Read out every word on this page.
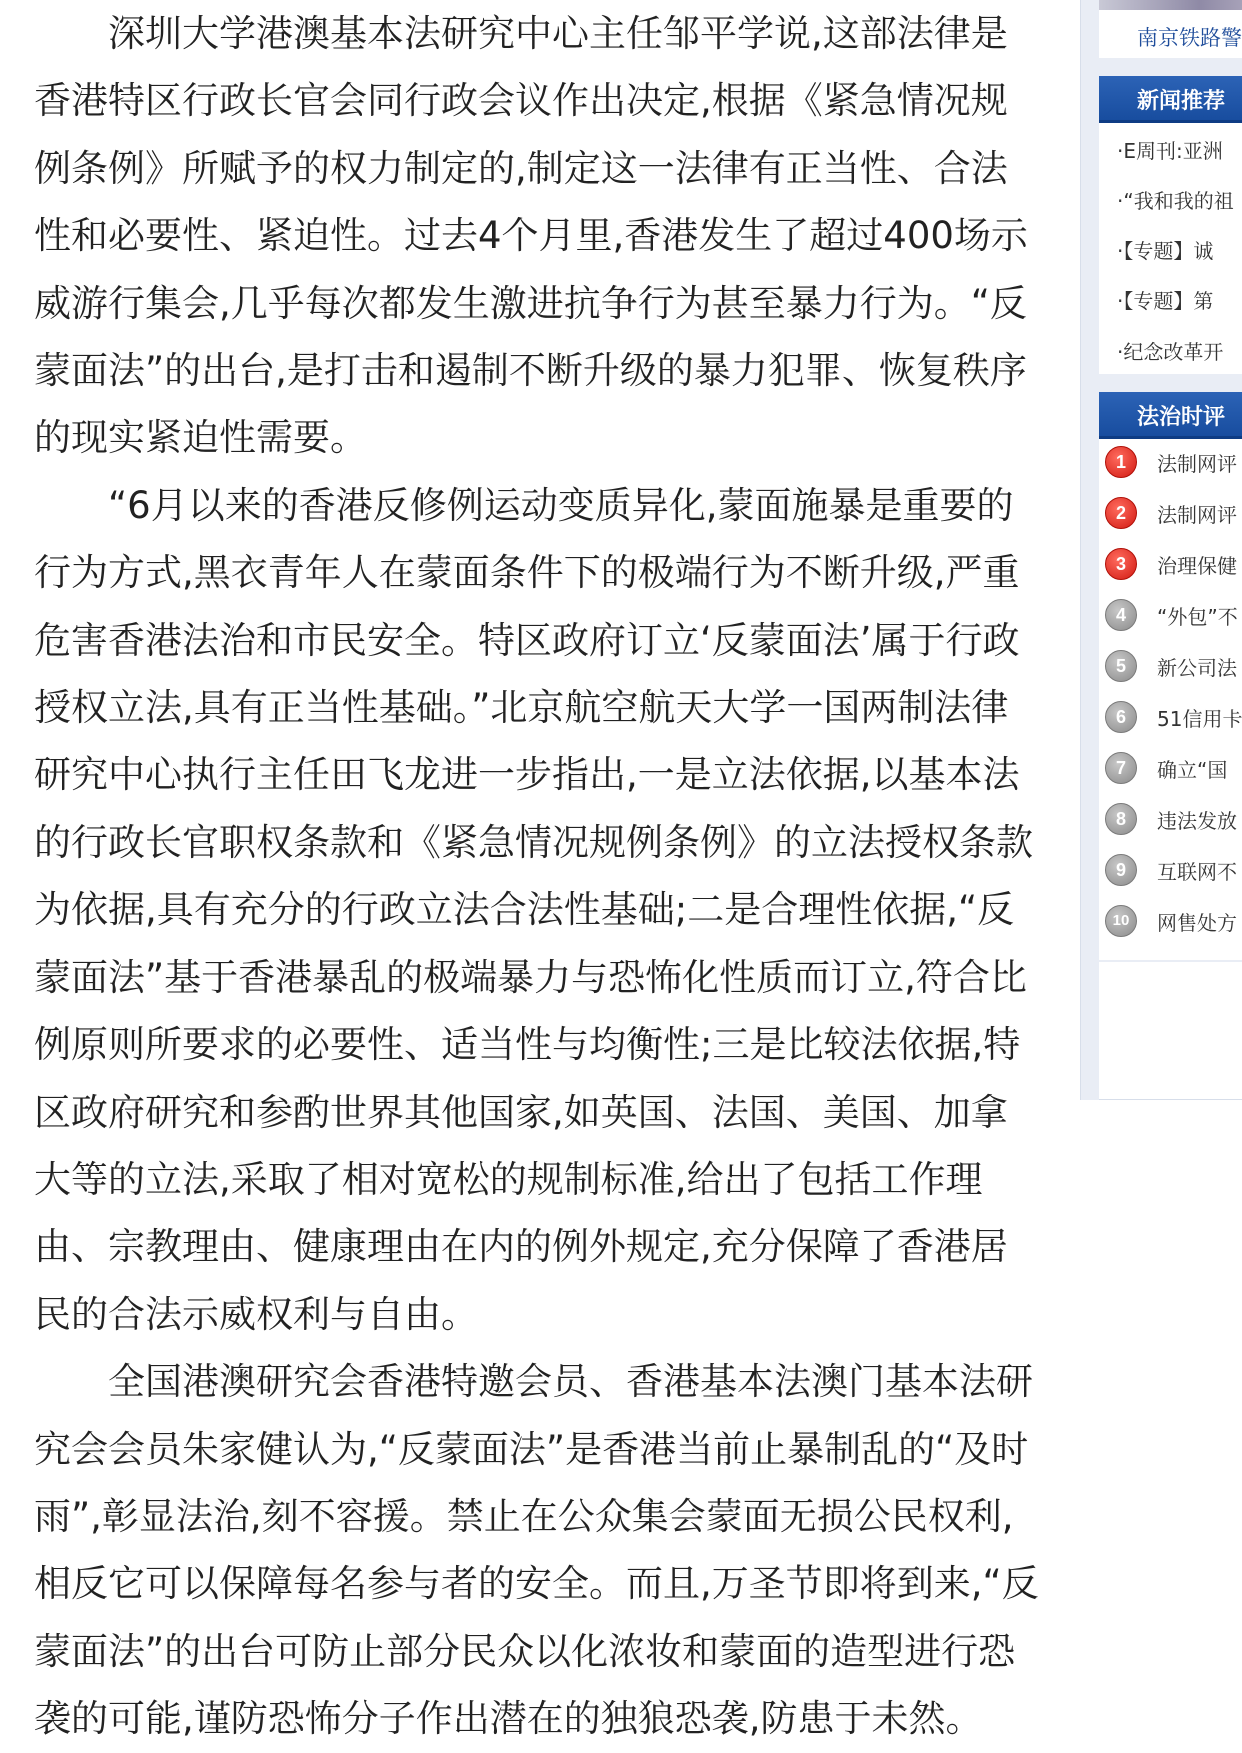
深圳大学港澳基本法研究中心主任邹平学说,这部法律是香港特区行政长官会同行政会议作出决定,根据《紧急情况规例条例》所赋予的权力制定的,制定这一法律有正当性、合法性和必要性、紧迫性。过去4个月里,香港发生了超过400场示威游行集会,几乎每次都发生激进抗争行为甚至暴力行为。“反蒙面法”的出台,是打击和遏制不断升级的暴力犯罪、恢复秩序的现实紧迫性需要。

“6月以来的香港反修例运动变质异化,蒙面施暴是重要的行为方式,黑衣青年人在蒙面条件下的极端行为不断升级,严重危害香港法治和市民安全。特区政府订立‘反蒙面法’属于行政授权立法,具有正当性基础。”北京航空航天大学一国两制法律研究中心执行主任田飞龙进一步指出,一是立法依据,以基本法的行政长官职权条款和《紧急情况规例条例》的立法授权条款为依据,具有充分的行政立法合法性基础;二是合理性依据,“反蒙面法”基于香港暴乱的极端暴力与恐怖化性质而订立,符合比例原则所要求的必要性、适当性与均衡性;三是比较法依据,特区政府研究和参酌世界其他国家,如英国、法国、美国、加拿大等的立法,采取了相对宽松的规制标准,给出了包括工作理由、宗教理由、健康理由在内的例外规定,充分保障了香港居民的合法示威权利与自由。

全国港澳研究会香港特邀会员、香港基本法澳门基本法研究会会员朱家健认为,“反蒙面法”是香港当前止暴制乱的“及时雨”,彰显法治,刻不容援。禁止在公众集会蒙面无损公民权利,相反它可以保障每名参与者的安全。而且,万圣节即将到来,“反蒙面法”的出台可防止部分民众以化浓妆和蒙面的造型进行恐袭的可能,谨防恐怖分子作出潜在的独狼恐袭,防患于未然。

南京铁路警
新闻推荐
·E周刊:亚洲
·“我和我的祖
·【专题】诚
·【专题】第
·纪念改革开
法治时评
1	法制网评
2	法制网评
3	治理保健
4	“外包”不
5	新公司法
6	51信用卡
7	确立“国
8	违法发放
9	互联网不
10	网售处方
